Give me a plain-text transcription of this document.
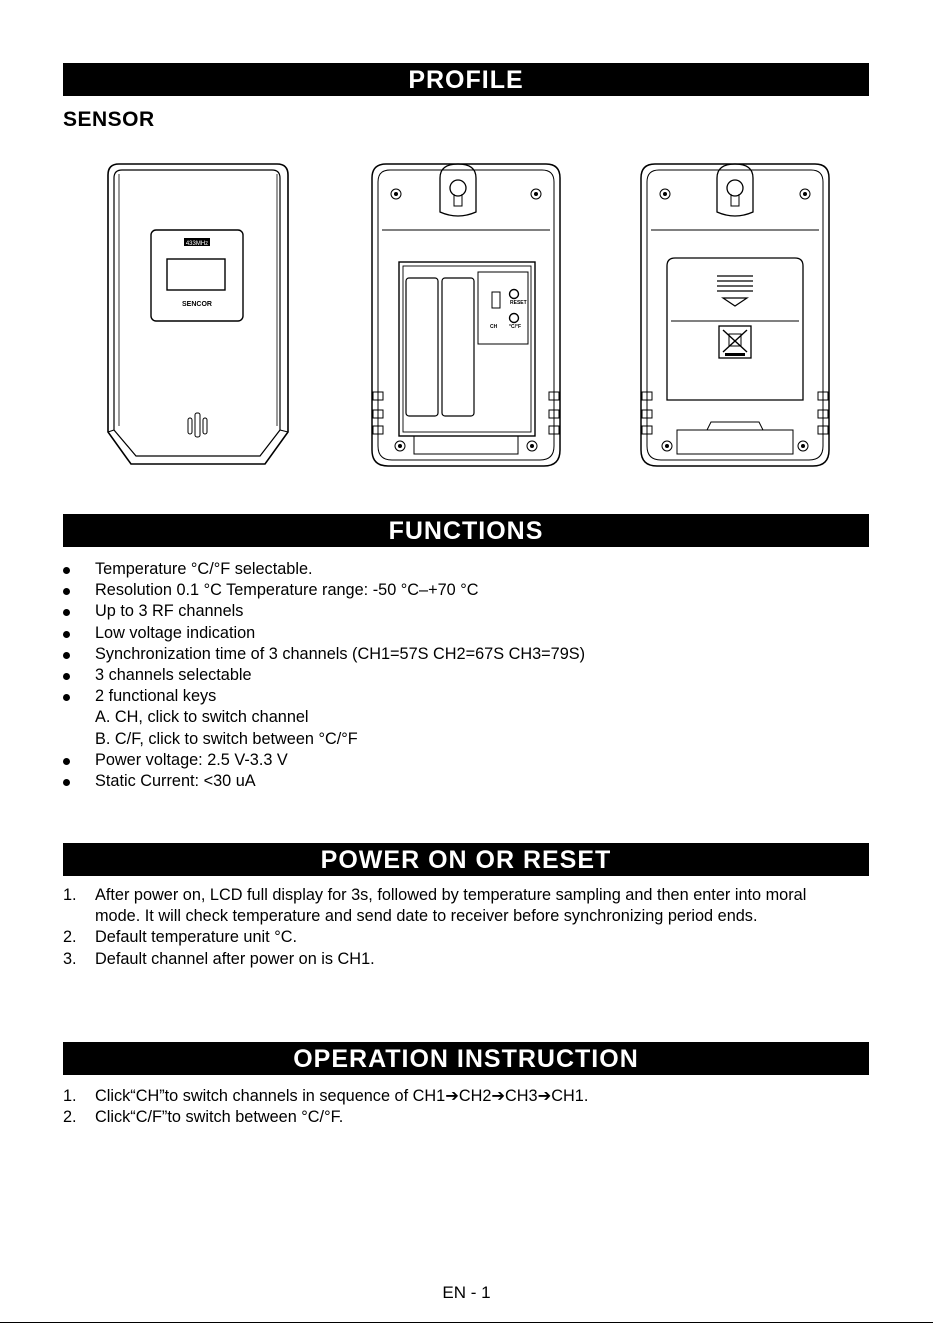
PROFILE
SENSOR
433MHz
SENCOR	RESET
CH °C/°F
FUNCTIONS
Temperature °C/°F selectable.
Resolution 0.1 °C Temperature range: -50 °C–+70 °C
Up to 3 RF channels
Low voltage indication
Synchronization time of 3 channels (CH1=57S CH2=67S CH3=79S)
3 channels selectable
2 functional keys
A. CH, click to switch channel
B. C/F, click to switch between °C/°F
Power voltage: 2.5 V-3.3 V
Static Current: <30 uA
POWER ON OR RESET
1. After power on, LCD full display for 3s, followed by temperature sampling and then enter into moral mode. It will check temperature and send date to receiver before synchronizing period ends.
2. Default temperature unit °C.
3. Default channel after power on is CH1.
OPERATION INSTRUCTION
1. Click“CH”to switch channels in sequence of CH1➔CH2➔CH3➔CH1.
2. Click“C/F”to switch between °C/°F.
EN - 1
